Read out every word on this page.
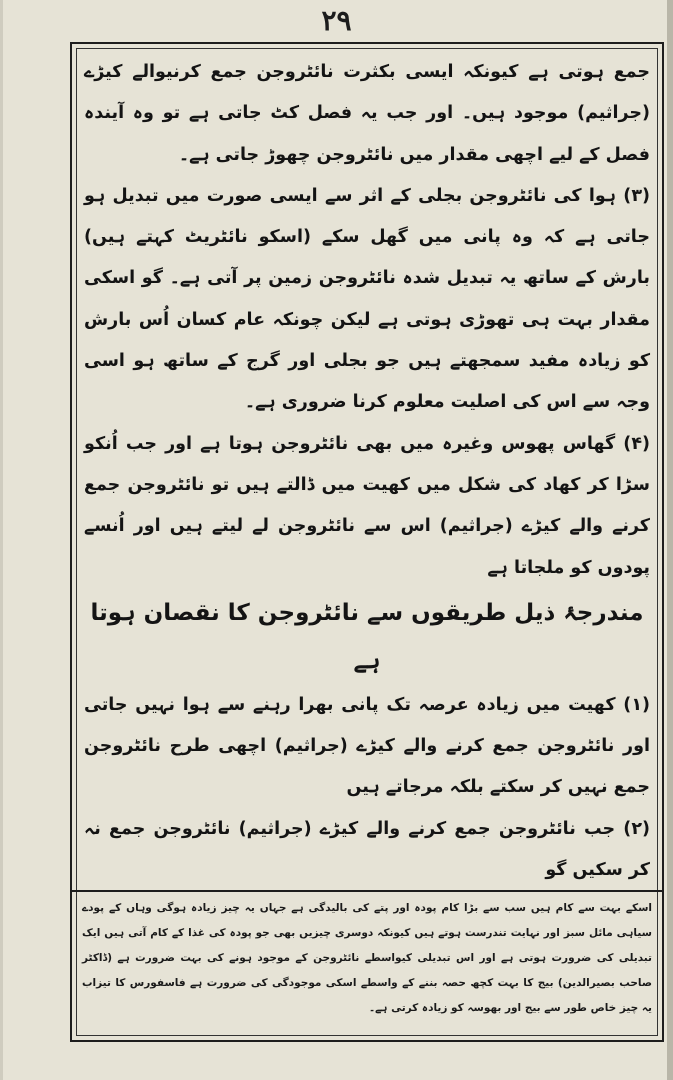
۲۹

جمع ہوتی ہے کیونکہ ایسی بکثرت نائٹروجن جمع کرنیوالے کیڑے (جراثیم) موجود ہیں۔ اور جب یہ فصل کٹ جاتی ہے تو وہ آیندہ فصل کے لیے اچھی مقدار میں نائٹروجن چھوڑ جاتی ہے۔

(۳) ہوا کی نائٹروجن بجلی کے اثر سے ایسی صورت میں تبدیل ہو جاتی ہے کہ وہ پانی میں گھل سکے (اسکو نائٹریٹ کہتے ہیں) بارش کے ساتھ یہ تبدیل شدہ نائٹروجن زمین پر آتی ہے۔ گو اسکی مقدار بہت ہی تھوڑی ہوتی ہے لیکن چونکہ عام کسان اُس بارش کو زیادہ مفید سمجھتے ہیں جو بجلی اور گرج کے ساتھ ہو اسی وجہ سے اس کی اصلیت معلوم کرنا ضروری ہے۔

(۴) گھاس پھوس وغیرہ میں بھی نائٹروجن ہوتا ہے اور جب اُنکو سڑا کر کھاد کی شکل میں کھیت میں ڈالتے ہیں تو نائٹروجن جمع کرنے والے کیڑے (جراثیم) اس سے نائٹروجن لے لیتے ہیں اور اُنسے پودوں کو ملجاتا ہے

مندرجۂ ذیل طریقوں سے نائٹروجن کا نقصان ہوتا ہے

(۱) کھیت میں زیادہ عرصہ تک پانی بھرا رہنے سے ہوا نہیں جاتی اور نائٹروجن جمع کرنے والے کیڑے (جراثیم) اچھی طرح نائٹروجن جمع نہیں کر سکتے بلکہ مرجاتے ہیں

(۲) جب نائٹروجن جمع کرنے والے کیڑے (جراثیم) نائٹروجن جمع نہ کر سکیں گو

اسکے بہت سے کام ہیں سب سے بڑا کام پودہ اور پتے کی بالیدگی ہے جہاں یہ چیز زیادہ ہوگی وہاں کے پودے سیاہی مائل سبز اور نہایت تندرست ہوتے ہیں کیونکہ دوسری چیزیں بھی جو پودہ کی غذا کے کام آتی ہیں ایک تبدیلی کی ضرورت ہوتی ہے اور اس تبدیلی کیواسطے نائٹروجن کے موجود ہونے کی بہت ضرورت ہے (ڈاکٹر صاحب بصیرالدین) بیج کا بہت کچھ حصہ بننے کے واسطے اسکی موجودگی کی ضرورت ہے فاسفورس کا تیزاب یہ چیز خاص طور سے بیج اور بھوسہ کو زیادہ کرتی ہے۔
